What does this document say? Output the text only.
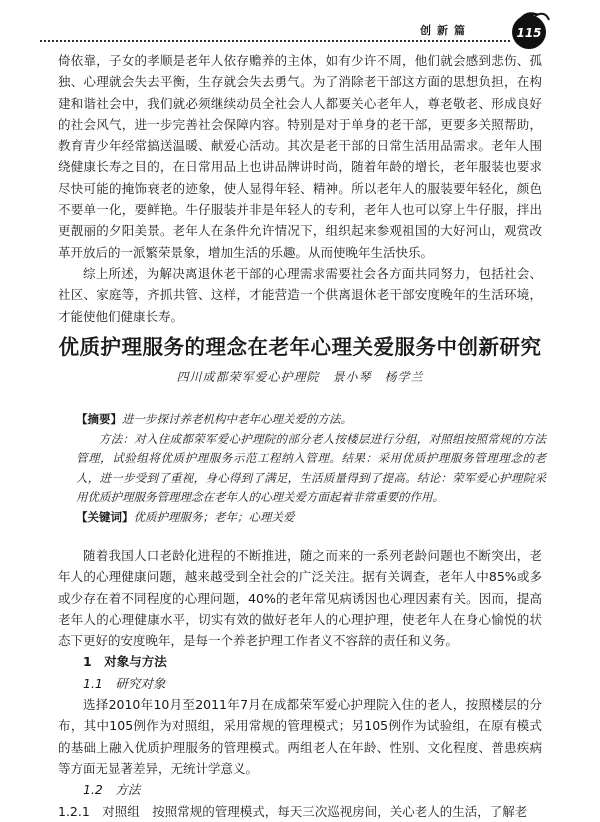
创新篇	115

倚依靠，子女的孝顺是老年人依存赡养的主体，如有少许不周，他们就会感到悲伤、孤独、心理就会失去平衡，生存就会失去勇气。为了消除老干部这方面的思想负担，在构建和谐社会中，我们就必须继续动员全社会人人都要关心老年人，尊老敬老、形成良好的社会风气，进一步完善社会保障内容。特别是对于单身的老干部，更要多关照帮助，教育青少年经常搞送温暖、献爱心活动。其次是老干部的日常生活用品需求。老年人围绕健康长寿之目的，在日常用品上也讲品牌讲时尚，随着年龄的增长，老年服装也要求尽快可能的掩饰衰老的迹象，使人显得年轻、精神。所以老年人的服装要年轻化，颜色不要单一化，要鲜艳。牛仔服装并非是年轻人的专利，老年人也可以穿上牛仔服，拌出更靓丽的夕阳美景。老年人在条件允许情况下，组织起来参观祖国的大好河山，观赏改革开放后的一派繁荣景象，增加生活的乐趣。从而使晚年生活快乐。

综上所述，为解决离退休老干部的心理需求需要社会各方面共同努力，包括社会、社区、家庭等，齐抓共管、这样，才能营造一个供离退休老干部安度晚年的生活环境，才能使他们健康长寿。

优质护理服务的理念在老年心理关爱服务中创新研究
四川成都荣军爱心护理院　景小琴　杨学兰

【摘要】进一步探讨养老机构中老年心理关爱的方法。

方法：对入住成都荣军爱心护理院的部分老人按楼层进行分组，对照组按照常规的方法管理，试验组将优质护理服务示范工程纳入管理。结果：采用优质护理服务管理理念的老人，进一步受到了重视，身心得到了满足，生活质量得到了提高。结论：荣军爱心护理院采用优质护理服务管理理念在老年人的心理关爱方面起着非常重要的作用。

【关键词】优质护理服务；老年；心理关爱

随着我国人口老龄化进程的不断推进，随之而来的一系列老龄问题也不断突出，老年人的心理健康问题，越来越受到全社会的广泛关注。据有关调查，老年人中85%或多或少存在着不同程度的心理问题，40%的老年常见病诱因也心理因素有关。因而，提高老年人的心理健康水平，切实有效的做好老年人的心理护理，使老年人在身心愉悦的状态下更好的安度晚年，是每一个养老护理工作者义不容辞的责任和义务。

1　对象与方法

1.1　研究对象

选择2010年10月至2011年7月在成都荣军爱心护理院入住的老人，按照楼层的分布，其中105例作为对照组，采用常规的管理模式；另105例作为试验组，在原有模式的基础上融入优质护理服务的管理模式。两组老人在年龄、性别、文化程度、普患疾病等方面无显著差异，无统计学意义。

1.2　方法

1.2.1　对照组　按照常规的管理模式，每天三次巡视房间，关心老人的生活，了解老
